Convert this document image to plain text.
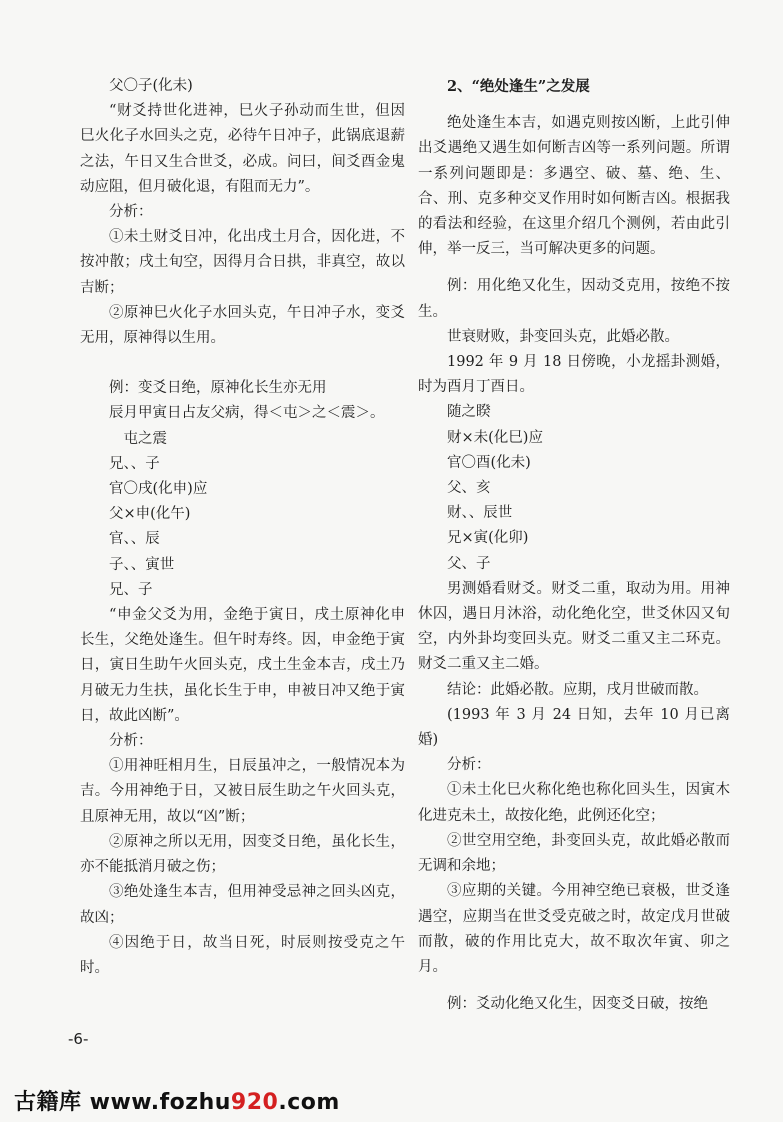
父〇子(化未)

“财爻持世化进神，巳火子孙动而生世，但因巳火化子水回头之克，必待午日冲子，此锅底退薪之法，午日又生合世爻，必成。问曰，间爻酉金鬼动应阻，但月破化退，有阻而无力”。

分析：

①未土财爻日冲，化出戌土月合，因化进，不按冲散；戌土旬空，因得月合日拱，非真空，故以吉断；

②原神巳火化子水回头克，午日冲子水，变爻无用，原神得以生用。

例：变爻日绝，原神化长生亦无用

辰月甲寅日占友父病，得＜屯＞之＜震＞。

屯之震

兄、、子

官〇戌(化申)应

父×申(化午)

官、、辰

子、、寅世

兄、子

“申金父爻为用，金绝于寅日，戌土原神化申长生，父绝处逢生。但午时寿终。因，申金绝于寅日，寅日生助午火回头克，戌土生金本吉，戌土乃月破无力生扶，虽化长生于申，申被日冲又绝于寅日，故此凶断”。

分析：

①用神旺相月生，日辰虽冲之，一般情况本为吉。今用神绝于日，又被日辰生助之午火回头克，且原神无用，故以“凶”断；

②原神之所以无用，因变爻日绝，虽化长生，亦不能抵消月破之伤；

③绝处逢生本吉，但用神受忌神之回头凶克，故凶；

④因绝于日，故当日死，时辰则按受克之午时。

2、“绝处逢生”之发展

绝处逢生本吉，如遇克则按凶断，上此引伸出爻遇绝又遇生如何断吉凶等一系列问题。所谓一系列问题即是：多遇空、破、墓、绝、生、合、刑、克多种交叉作用时如何断吉凶。根据我的看法和经验，在这里介绍几个测例，若由此引伸，举一反三，当可解决更多的问题。

例：用化绝又化生，因动爻克用，按绝不按生。

世衰财败，卦变回头克，此婚必散。

1992 年 9 月 18 日傍晚，小龙摇卦测婚，时为酉月丁酉日。

随之睽

财×未(化巳)应

官〇酉(化未)

父、亥

财、、辰世

兄×寅(化卯)

父、子

男测婚看财爻。财爻二重，取动为用。用神休囚，遇日月沐浴，动化绝化空，世爻休囚又旬空，内外卦均变回头克。财爻二重又主二环克。财爻二重又主二婚。

结论：此婚必散。应期，戌月世破而散。

(1993 年 3 月 24 日知，去年 10 月已离婚)

分析：

①未土化巳火称化绝也称化回头生，因寅木化进克未土，故按化绝，此例还化空；

②世空用空绝，卦变回头克，故此婚必散而无调和余地；

③应期的关键。今用神空绝已衰极，世爻逢遇空，应期当在世爻受克破之时，故定戊月世破而散，破的作用比克大，故不取次年寅、卯之月。

例：爻动化绝又化生，因变爻日破，按绝

-6-
古籍库 www.fozhu920.com
